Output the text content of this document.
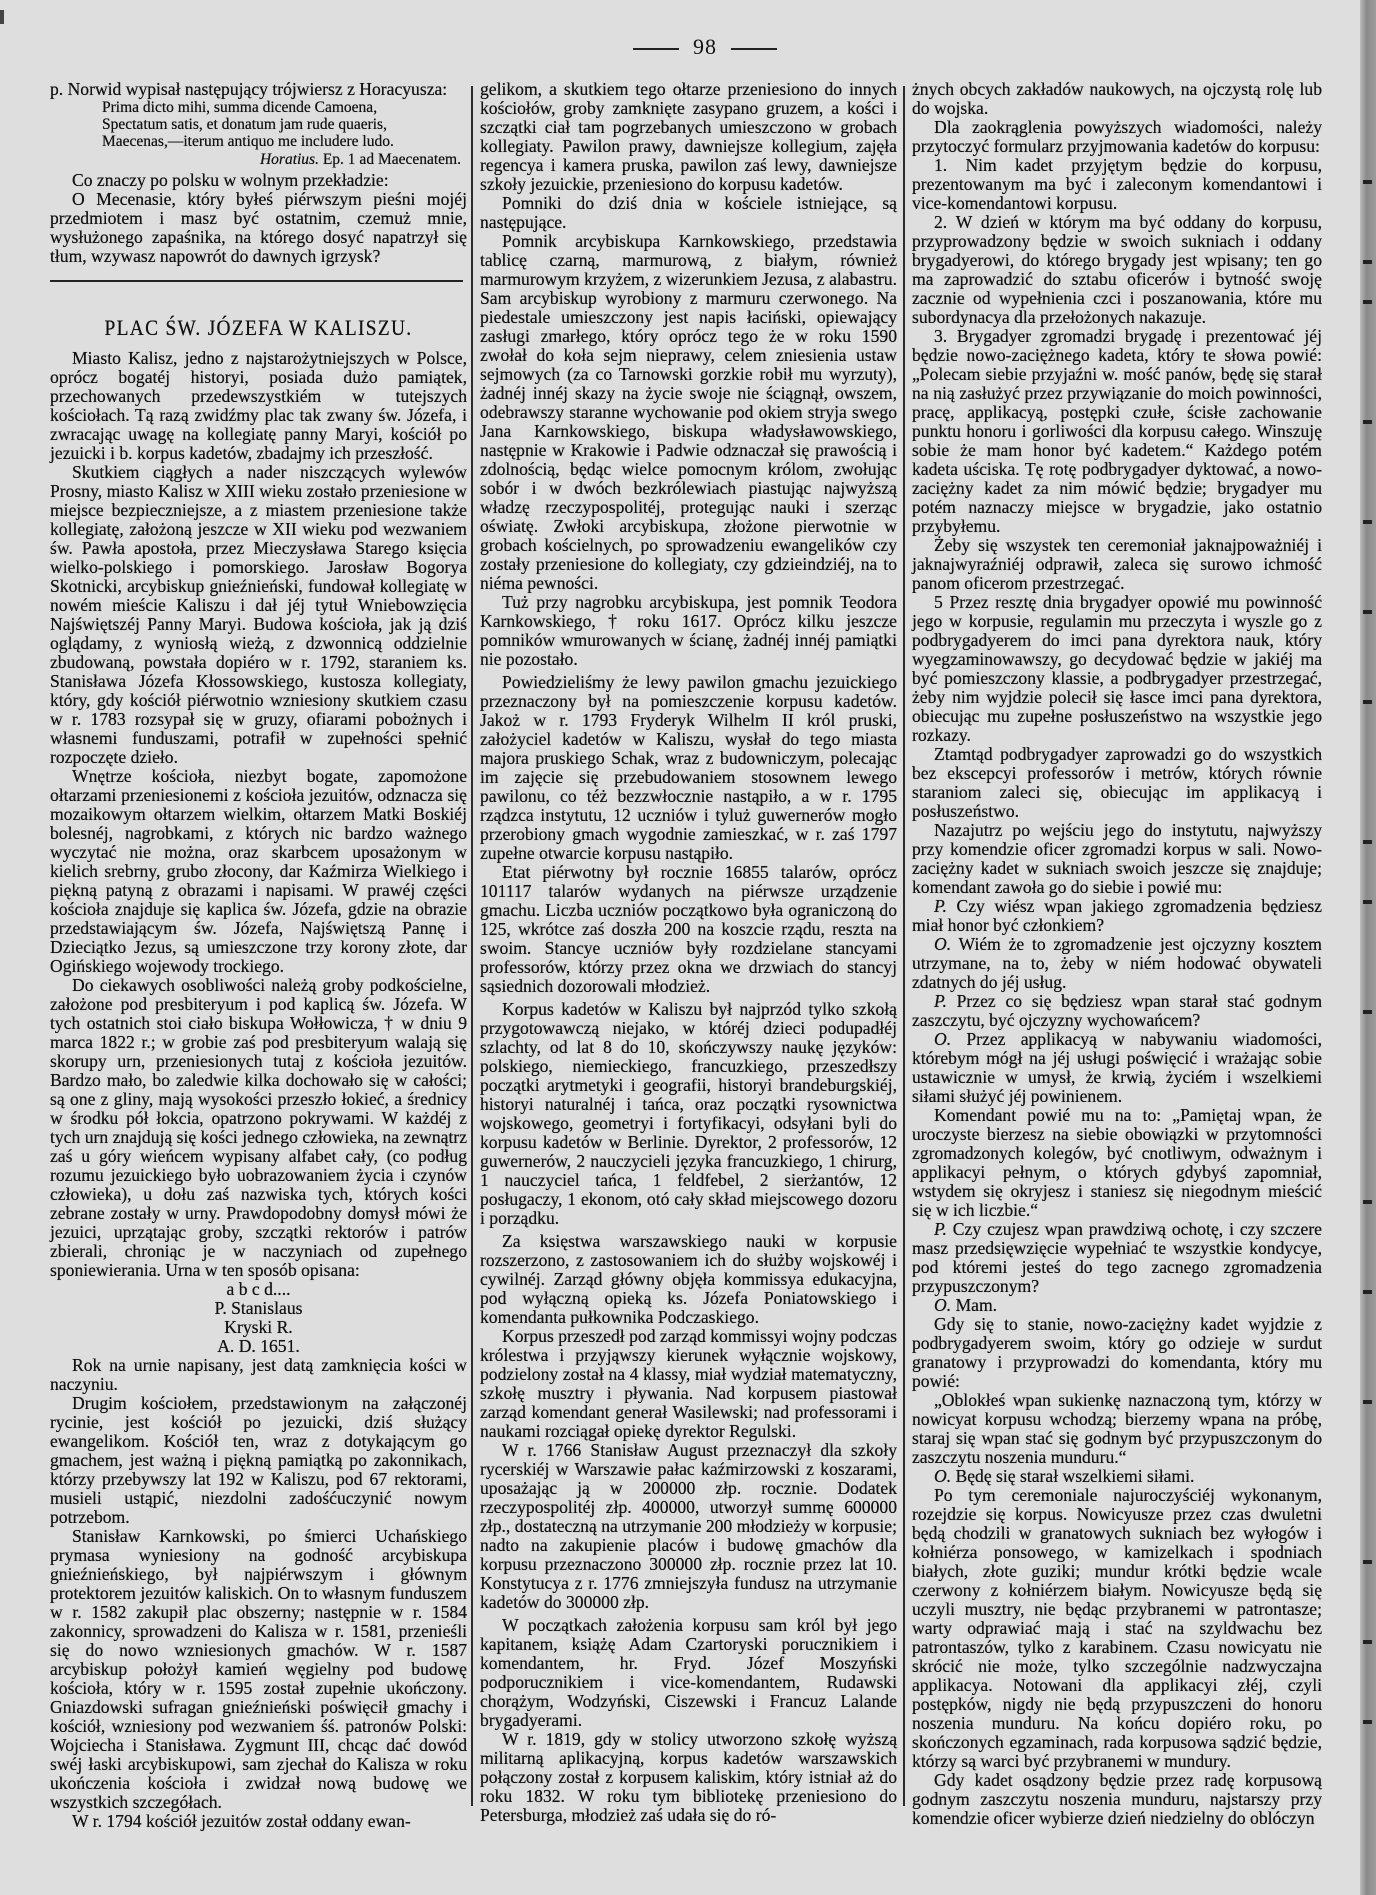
98

p. Norwid wypisał następujący trójwiersz z Horacyusza:

Prima dicto mihi, summa dicende Camoena,
Spectatum satis, et donatum jam rude quaeris,
Maecenas,—iterum antiquo me includere ludo.
Horatius. Ep. 1 ad Maecenatem.

Co znaczy po polsku w wolnym przekładzie:

O Mecenasie, który byłeś piérwszym pieśni mojéj przedmiotem i masz być ostatnim, czemuż mnie, wysłużonego zapaśnika, na którego dosyć napatrzył się tłum, wzywasz napowrót do dawnych igrzysk?

PLAC ŚW. JÓZEFA W KALISZU.

Miasto Kalisz, jedno z najstarożytniejszych w Polsce, oprócz bogatéj historyi, posiada dużo pamiątek, przechowanych przedewszystkiém w tutejszych kościołach. Tą razą zwidźmy plac tak zwany św. Józefa, i zwracając uwagę na kollegiatę panny Maryi, kościół po jezuicki i b. korpus kadetów, zbadajmy ich przeszłość.

Skutkiem ciągłych a nader niszczących wylewów Prosny, miasto Kalisz w XIII wieku zostało przeniesione w miejsce bezpieczniejsze, a z miastem przeniesione także kollegiatę, założoną jeszcze w XII wieku pod wezwaniem św. Pawła apostoła, przez Mieczysława Starego księcia wielko-polskiego i pomorskiego. Jarosław Bogorya Skotnicki, arcybiskup gnieźnieński, fundował kollegiatę w nowém mieście Kaliszu i dał jéj tytuł Wniebowzięcia Najświętszéj Panny Maryi. Budowa kościoła, jak ją dziś oglądamy, z wyniosłą wieżą, z dzwonnicą oddzielnie zbudowaną, powstała dopiéro w r. 1792, staraniem ks. Stanisława Józefa Kłossowskiego, kustosza kollegiaty, który, gdy kościół piérwotnio wzniesiony skutkiem czasu w r. 1783 rozsypał się w gruzy, ofiarami pobożnych i własnemi funduszami, potrafił w zupełności spełnić rozpoczęte dzieło.

Wnętrze kościoła, niezbyt bogate, zapomożone ołtarzami przeniesionemi z kościoła jezuitów, odznacza się mozaikowym ołtarzem wielkim, ołtarzem Matki Boskiéj bolesnéj, nagrobkami, z których nic bardzo ważnego wyczytać nie można, oraz skarbcem uposażonym w kielich srebrny, grubo złocony, dar Kaźmirza Wielkiego i piękną patyną z obrazami i napisami. W prawéj części kościoła znajduje się kaplica św. Józefa, gdzie na obrazie przedstawiającym św. Józefa, Najświętszą Pannę i Dzieciątko Jezus, są umieszczone trzy korony złote, dar Ogińskiego wojewody trockiego.

Do ciekawych osobliwości należą groby podkościelne, założone pod presbiteryum i pod kaplicą św. Józefa. W tych ostatnich stoi ciało biskupa Wołłowicza, † w dniu 9 marca 1822 r.; w grobie zaś pod presbiteryum walają się skorupy urn, przeniesionych tutaj z kościoła jezuitów. Bardzo mało, bo zaledwie kilka dochowało się w całości; są one z gliny, mają wysokości przeszło łokieć, a średnicy w środku pół łokcia, opatrzono pokrywami. W każdéj z tych urn znajdują się kości jednego człowieka, na zewnątrz zaś u góry wieńcem wypisany alfabet cały, (co podług rozumu jezuickiego było uobrazowaniem życia i czynów człowieka), u dołu zaś nazwiska tych, których kości zebrane zostały w urny. Prawdopodobny domysł mówi że jezuici, uprzątając groby, szczątki rektorów i patrów zbierali, chroniąc je w naczyniach od zupełnego sponiewierania. Urna w ten sposób opisana:

a b c d....

P. Stanislaus

Kryski R.

A. D. 1651.

Rok na urnie napisany, jest datą zamknięcia kości w naczyniu.

Drugim kościołem, przedstawionym na załączonéj rycinie, jest kościół po jezuicki, dziś służący ewangelikom. Kościół ten, wraz z dotykającym go gmachem, jest ważną i piękną pamiątką po zakonnikach, którzy przebywszy lat 192 w Kaliszu, pod 67 rektorami, musieli ustąpić, niezdolni zadośćuczynić nowym potrzebom.

Stanisław Karnkowski, po śmierci Uchańskiego prymasa wyniesiony na godność arcybiskupa gnieźnieńskiego, był najpiérwszym i głównym protektorem jezuitów kaliskich. On to własnym funduszem w r. 1582 zakupił plac obszerny; następnie w r. 1584 zakonnicy, sprowadzeni do Kalisza w r. 1581, przenieśli się do nowo wzniesionych gmachów. W r. 1587 arcybiskup położył kamień węgielny pod budowę kościoła, który w r. 1595 został zupełnie ukończony. Gniazdowski sufragan gnieźnieński poświęcił gmachy i kościół, wzniesiony pod wezwaniem śś. patronów Polski: Wojciecha i Stanisława. Zygmunt III, chcąc dać dowód swéj łaski arcybiskupowi, sam zjechał do Kalisza w roku ukończenia kościoła i zwidzał nową budowę we wszystkich szczegółach.

W r. 1794 kościół jezuitów został oddany ewan-

gelikom, a skutkiem tego ołtarze przeniesiono do innych kościołów, groby zamknięte zasypano gruzem, a kości i szczątki ciał tam pogrzebanych umieszczono w grobach kollegiaty. Pawilon prawy, dawniejsze kollegium, zajęła regencya i kamera pruska, pawilon zaś lewy, dawniejsze szkoły jezuickie, przeniesiono do korpusu kadetów.

Pomniki do dziś dnia w kościele istniejące, są następujące.

Pomnik arcybiskupa Karnkowskiego, przedstawia tablicę czarną, marmurową, z białym, również marmurowym krzyżem, z wizerunkiem Jezusa, z alabastru. Sam arcybiskup wyrobiony z marmuru czerwonego. Na piedestale umieszczony jest napis łaciński, opiewający zasługi zmarłego, który oprócz tego że w roku 1590 zwołał do koła sejm nieprawy, celem zniesienia ustaw sejmowych (za co Tarnowski gorzkie robił mu wyrzuty), żadnéj innéj skazy na życie swoje nie ściągnął, owszem, odebrawszy staranne wychowanie pod okiem stryja swego Jana Karnkowskiego, biskupa władysławowskiego, następnie w Krakowie i Padwie odznaczał się prawością i zdolnością, będąc wielce pomocnym królom, zwołując sobór i w dwóch bezkrólewiach piastując najwyższą władzę rzeczypospolitéj, protegując nauki i szerząc oświatę. Zwłoki arcybiskupa, złożone pierwotnie w grobach kościelnych, po sprowadzeniu ewangelików czy zostały przeniesione do kollegiaty, czy gdzieindziéj, na to niéma pewności.

Tuż przy nagrobku arcybiskupa, jest pomnik Teodora Karnkowskiego, † roku 1617. Oprócz kilku jeszcze pomników wmurowanych w ścianę, żadnéj innéj pamiątki nie pozostało.

Powiedzieliśmy że lewy pawilon gmachu jezuickiego przeznaczony był na pomieszczenie korpusu kadetów. Jakoż w r. 1793 Fryderyk Wilhelm II król pruski, założyciel kadetów w Kaliszu, wysłał do tego miasta majora pruskiego Schak, wraz z budowniczym, polecając im zajęcie się przebudowaniem stosownem lewego pawilonu, co téż bezzwłocznie nastąpiło, a w r. 1795 rządzca instytutu, 12 uczniów i tyluż guwernerów mogło przerobiony gmach wygodnie zamieszkać, w r. zaś 1797 zupełne otwarcie korpusu nastąpiło.

Etat piérwotny był rocznie 16855 talarów, oprócz 101117 talarów wydanych na piérwsze urządzenie gmachu. Liczba uczniów początkowo była ograniczoną do 125, wkrótce zaś doszła 200 na koszcie rządu, reszta na swoim. Stancye uczniów były rozdzielane stancyami professorów, którzy przez okna we drzwiach do stancyj sąsiednich dozorowali młodzież.

Korpus kadetów w Kaliszu był najprzód tylko szkołą przygotowawczą niejako, w któréj dzieci podupadłéj szlachty, od lat 8 do 10, skończywszy naukę języków: polskiego, niemieckiego, francuzkiego, przeszedłszy początki arytmetyki i geografii, historyi brandeburgskiéj, historyi naturalnéj i tańca, oraz początki rysownictwa wojskowego, geometryi i fortyfikacyi, odsyłani byli do korpusu kadetów w Berlinie. Dyrektor, 2 professorów, 12 guwernerów, 2 nauczycieli języka francuzkiego, 1 chirurg, 1 nauczyciel tańca, 1 feldfebel, 2 sierżantów, 12 posługaczy, 1 ekonom, otó cały skład miejscowego dozoru i porządku.

Za księstwa warszawskiego nauki w korpusie rozszerzono, z zastosowaniem ich do służby wojskowéj i cywilnéj. Zarząd główny objęła kommissya edukacyjna, pod wyłączną opieką ks. Józefa Poniatowskiego i komendanta pułkownika Podczaskiego.

Korpus przeszedł pod zarząd kommissyi wojny podczas królestwa i przyjąwszy kierunek wyłącznie wojskowy, podzielony został na 4 klassy, miał wydział matematyczny, szkołę musztry i pływania. Nad korpusem piastował zarząd komendant generał Wasilewski; nad professorami i naukami rozciągał opiekę dyrektor Regulski.

W r. 1766 Stanisław August przeznaczył dla szkoły rycerskiéj w Warszawie pałac kaźmirzowski z koszarami, uposażając ją w 200000 złp. rocznie. Dodatek rzeczypospolitéj złp. 400000, utworzył summę 600000 złp., dostateczną na utrzymanie 200 młodzieży w korpusie; nadto na zakupienie placów i budowę gmachów dla korpusu przeznaczono 300000 złp. rocznie przez lat 10. Konstytucya z r. 1776 zmniejszyła fundusz na utrzymanie kadetów do 300000 złp.

W początkach założenia korpusu sam król był jego kapitanem, książę Adam Czartoryski porucznikiem i komendantem, hr. Fryd. Józef Moszyński podporucznikiem i vice-komendantem, Rudawski chorążym, Wodzyński, Ciszewski i Francuz Lalande brygadyerami.

W r. 1819, gdy w stolicy utworzono szkołę wyższą militarną aplikacyjną, korpus kadetów warszawskich połączony został z korpusem kaliskim, który istniał aż do roku 1832. W roku tym bibliotekę przeniesiono do Petersburga, młodzież zaś udała się do ró-

żnych obcych zakładów naukowych, na ojczystą rolę lub do wojska.

Dla zaokrąglenia powyższych wiadomości, należy przytoczyć formularz przyjmowania kadetów do korpusu:

1. Nim kadet przyjętym będzie do korpusu, prezentowanym ma być i zaleconym komendantowi i vice-komendantowi korpusu.

2. W dzień w którym ma być oddany do korpusu, przyprowadzony będzie w swoich sukniach i oddany brygadyerowi, do którego brygady jest wpisany; ten go ma zaprowadzić do sztabu oficerów i bytność swoję zacznie od wypełnienia czci i poszanowania, które mu subordynacya dla przełożonych nakazuje.

3. Brygadyer zgromadzi brygadę i prezentować jéj będzie nowo-zaciężnego kadeta, który te słowa powié: „Polecam siebie przyjaźni w. mość panów, będę się starał na nią zasłużyć przez przywiązanie do moich powinności, pracę, applikacyą, postępki czułe, ścisłe zachowanie punktu honoru i gorliwości dla korpusu całego. Winszuję sobie że mam honor być kadetem.“ Każdego potém kadeta uściska. Tę rotę podbrygadyer dyktować, a nowo-zaciężny kadet za nim mówić będzie; brygadyer mu potém naznaczy miejsce w brygadzie, jako ostatnio przybyłemu.

Żeby się wszystek ten ceremoniał jaknajpoważniéj i jaknajwyraźniéj odprawił, zaleca się surowo ichmość panom oficerom przestrzegać.

5 Przez resztę dnia brygadyer opowié mu powinność jego w korpusie, regulamin mu przeczyta i wyszle go z podbrygadyerem do imci pana dyrektora nauk, który wyegzaminowawszy, go decydować będzie w jakiéj ma być pomieszczony klassie, a podbrygadyer przestrzegać, żeby nim wyjdzie polecił się łasce imci pana dyrektora, obiecując mu zupełne posłuszeństwo na wszystkie jego rozkazy.

Ztamtąd podbrygadyer zaprowadzi go do wszystkich bez ekscepcyi professorów i metrów, których równie staraniom zaleci się, obiecując im applikacyą i posłuszeństwo.

Nazajutrz po wejściu jego do instytutu, najwyższy przy komendzie oficer zgromadzi korpus w sali. Nowo-zaciężny kadet w sukniach swoich jeszcze się znajduje; komendant zawoła go do siebie i powié mu:

P. Czy wiész wpan jakiego zgromadzenia będziesz miał honor być członkiem?

O. Wiém że to zgromadzenie jest ojczyzny kosztem utrzymane, na to, żeby w niém hodować obywateli zdatnych do jéj usług.

P. Przez co się będziesz wpan starał stać godnym zaszczytu, być ojczyzny wychowańcem?

O. Przez applikacyą w nabywaniu wiadomości, którebym mógł na jéj usługi poświęcić i wrażając sobie ustawicznie w umysł, że krwią, życiém i wszelkiemi siłami służyć jéj powinienem.

Komendant powié mu na to: „Pamiętaj wpan, że uroczyste bierzesz na siebie obowiązki w przytomności zgromadzonych kolegów, być cnotliwym, odważnym i applikacyi pełnym, o których gdybyś zapomniał, wstydem się okryjesz i staniesz się niegodnym mieścić się w ich liczbie.“

P. Czy czujesz wpan prawdziwą ochotę, i czy szczere masz przedsięwzięcie wypełniać te wszystkie kondycye, pod któremi jesteś do tego zacnego zgromadzenia przypuszczonym?

O. Mam.

Gdy się to stanie, nowo-zaciężny kadet wyjdzie z podbrygadyerem swoim, który go odzieje w surdut granatowy i przyprowadzi do komendanta, który mu powié:

„Oblokłeś wpan sukienkę naznaczoną tym, którzy w nowicyat korpusu wchodzą; bierzemy wpana na próbę, staraj się wpan stać się godnym być przypuszczonym do zaszczytu noszenia munduru.“

O. Będę się starał wszelkiemi siłami.

Po tym ceremoniale najuroczyściéj wykonanym, rozejdzie się korpus. Nowicyusze przez czas dwuletni będą chodzili w granatowych sukniach bez wyłogów i kołniérza ponsowego, w kamizelkach i spodniach białych, złote guziki; mundur krótki będzie wcale czerwony z kołniérzem białym. Nowicyusze będą się uczyli musztry, nie będąc przybranemi w patrontasze; warty odprawiać mają i stać na szyldwachu bez patrontaszów, tylko z karabinem. Czasu nowicyatu nie skrócić nie może, tylko szczególnie nadzwyczajna applikacya. Notowani dla applikacyi złéj, czyli postępków, nigdy nie będą przypuszczeni do honoru noszenia munduru. Na końcu dopiéro roku, po skończonych egzaminach, rada korpusowa sądzić będzie, którzy są warci być przybranemi w mundury.

Gdy kadet osądzony będzie przez radę korpusową godnym zaszczytu noszenia munduru, najstarszy przy komendzie oficer wybierze dzień niedzielny do oblóczyn
